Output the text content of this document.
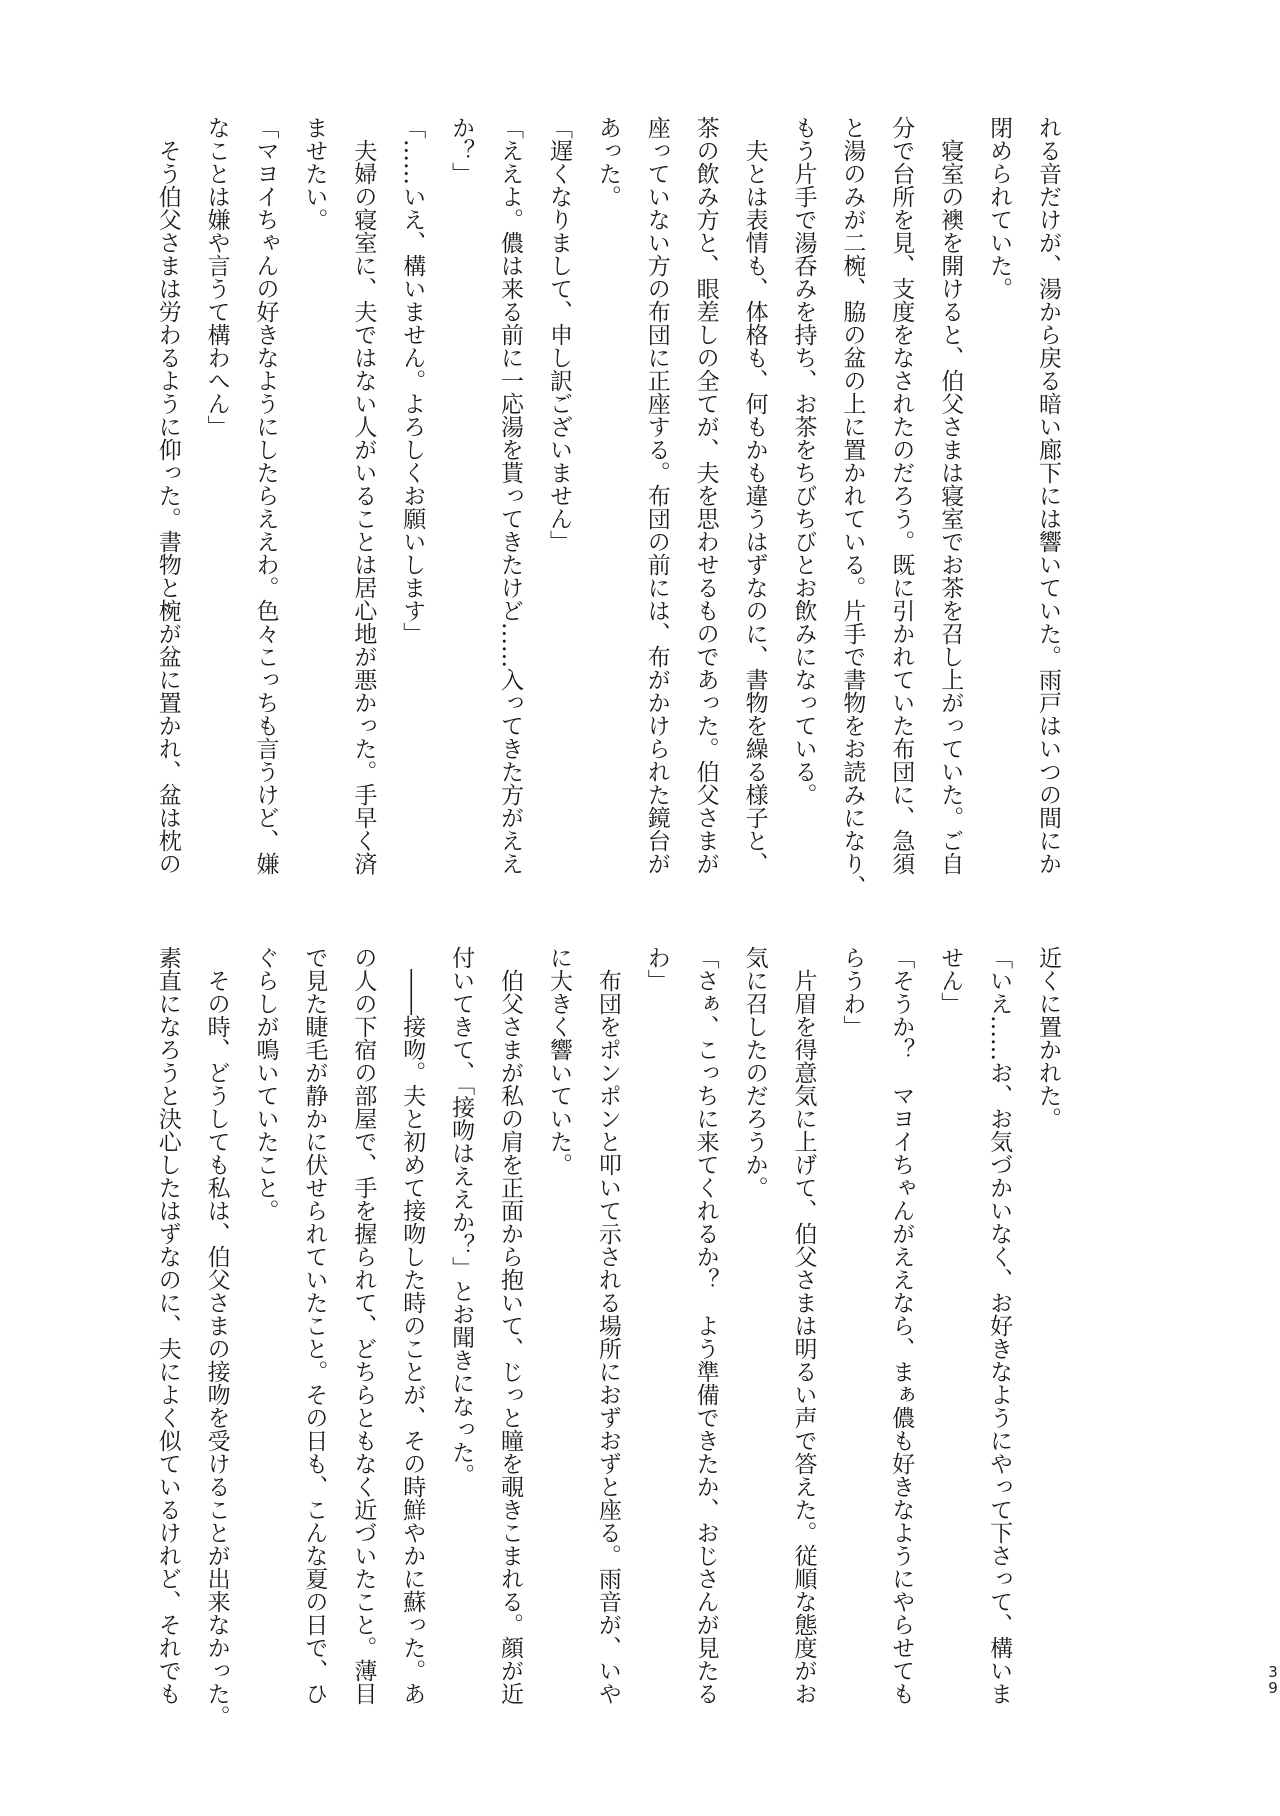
れる音だけが、湯から戻る暗い廊下には響いていた。雨戸はいつの間にか
閉められていた。
　寝室の襖を開けると、伯父さまは寝室でお茶を召し上がっていた。ご自
分で台所を見、支度をなされたのだろう。既に引かれていた布団に、急須
と湯のみが二椀、脇の盆の上に置かれている。片手で書物をお読みになり、
もう片手で湯呑みを持ち、お茶をちびちびとお飲みになっている。
　夫とは表情も、体格も、何もかも違うはずなのに、書物を繰る様子と、
茶の飲み方と、眼差しの全てが、夫を思わせるものであった。伯父さまが
座っていない方の布団に正座する。布団の前には、布がかけられた鏡台が
あった。
「遅くなりまして、申し訳ございません」
「ええよ。儂は来る前に一応湯を貰ってきたけど……入ってきた方がええ
か？」
「……いえ、構いません。よろしくお願いします」
　夫婦の寝室に、夫ではない人がいることは居心地が悪かった。手早く済
ませたい。
「マヨイちゃんの好きなようにしたらええわ。色々こっちも言うけど、嫌
なことは嫌や言うて構わへん」
　そう伯父さまは労わるように仰った。書物と椀が盆に置かれ、盆は枕の
近くに置かれた。
「いえ……お、お気づかいなく、お好きなようにやって下さって、構いま
せん」
「そうか？　マヨイちゃんがええなら、まぁ儂も好きなようにやらせても
らうわ」
　片眉を得意気に上げて、伯父さまは明るい声で答えた。従順な態度がお
気に召したのだろうか。
「さぁ、こっちに来てくれるか？　よう準備できたか、おじさんが見たる
わ」
　布団をポンポンと叩いて示される場所におずおずと座る。雨音が、いや
に大きく響いていた。
　伯父さまが私の肩を正面から抱いて、じっと瞳を覗きこまれる。顔が近
付いてきて、「接吻はええか？」とお聞きになった。
　――接吻。夫と初めて接吻した時のことが、その時鮮やかに蘇った。あ
の人の下宿の部屋で、手を握られて、どちらともなく近づいたこと。薄目
で見た睫毛が静かに伏せられていたこと。その日も、こんな夏の日で、ひ
ぐらしが鳴いていたこと。
　その時、どうしても私は、伯父さまの接吻を受けることが出来なかった。
素直になろうと決心したはずなのに、夫によく似ているけれど、それでも	3
9
